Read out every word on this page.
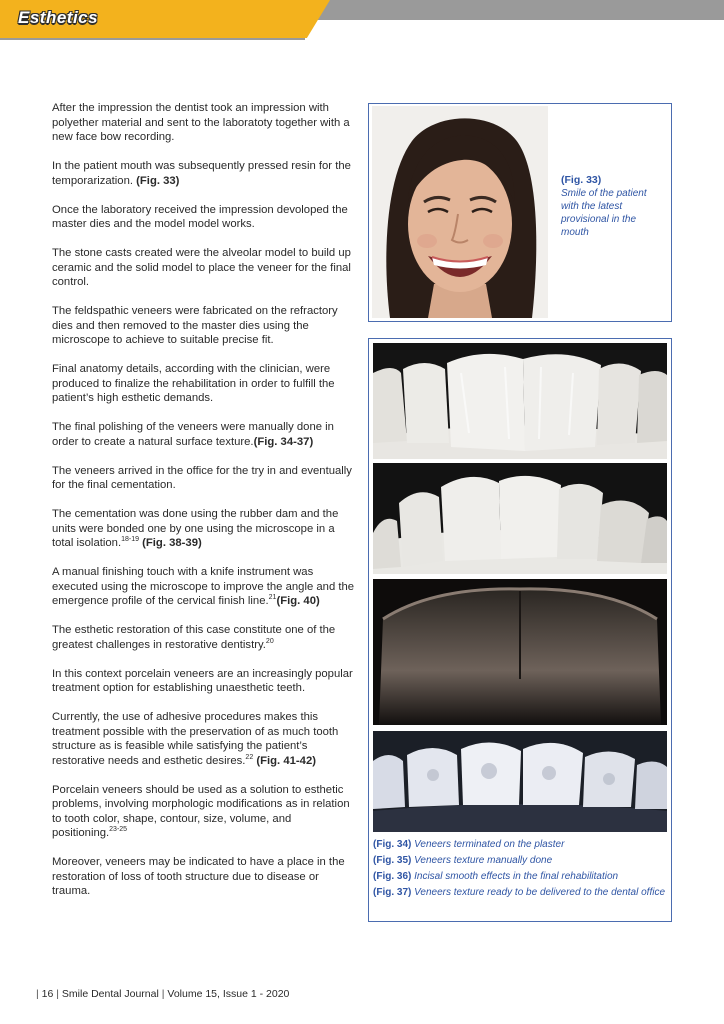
Esthetics

After the impression the dentist took an impression with polyether material and sent to the laboratoty together with a new face bow recording.

In the patient mouth was subsequently pressed resin for the temporarization. (Fig. 33)

Once the laboratory received the impression devoloped the master dies and the model model works.

The stone casts created were the alveolar model to build up ceramic and the solid model to place the veneer for the final control.

The feldspathic veneers were fabricated on the refractory dies and then removed to the master dies using the microscope to achieve to suitable precise fit.

Final anatomy details, according with the clinician, were produced to finalize the rehabilitation in order to fulfill the patient’s high esthetic demands.

The final polishing of the veneers were manually done in order to create a natural surface texture.(Fig. 34-37)

The veneers arrived in the office for the try in and eventually for the final cementation.

The cementation was done using the rubber dam and the units were bonded one by one using the microscope in a total isolation.$^{18-19}$ (Fig. 38-39)

A manual finishing touch with a knife instrument was executed using the microscope to improve the angle and the emergence profile of the cervical finish line.$^{21}$(Fig. 40)

The esthetic restoration of this case constitute one of the greatest challenges in restorative dentistry.$^{20}$

In this context porcelain veneers are an increasingly popular treatment option for establishing unaesthetic teeth.

Currently, the use of adhesive procedures makes this treatment possible with the preservation of as much tooth structure as is feasible while satisfying the patient’s restorative needs and esthetic desires.$^{22}$ (Fig. 41-42)

Porcelain veneers should be used as a solution to esthetic problems, involving morphologic modifications as in relation to tooth color, shape, contour, size, volume, and positioning.$^{23-25}$

Moreover, veneers may be indicated to have a place in the restoration of loss of tooth structure due to disease or trauma.

(Fig. 33)
Smile of the patient with the latest provisional in the mouth
(Fig. 34) Veneers terminated on the plaster
(Fig. 35) Veneers texture manually done
(Fig. 36) Incisal smooth effects in the final rehabilitation
(Fig. 37) Veneers texture ready to be delivered to the dental office
| 16 | Smile Dental Journal | Volume 15, Issue 1 - 2020
